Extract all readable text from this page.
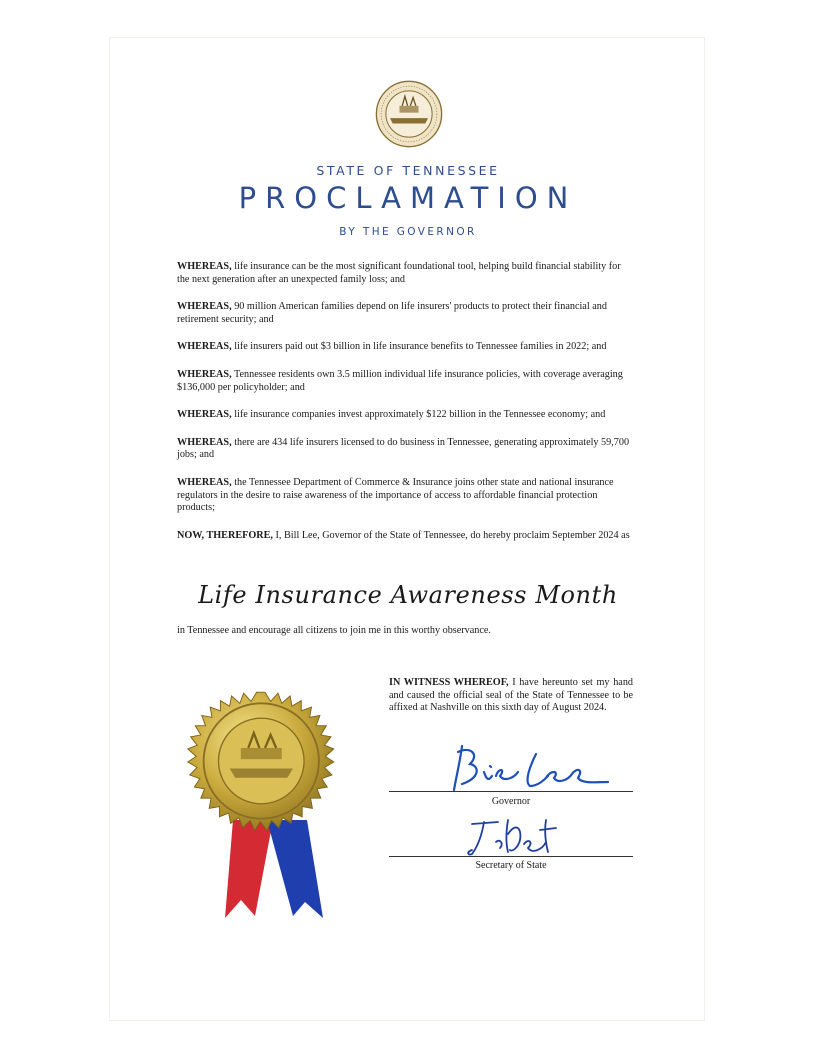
STATE OF TENNESSEE
PROCLAMATION
BY THE GOVERNOR

WHEREAS, life insurance can be the most significant foundational tool, helping build financial stability for the next generation after an unexpected family loss; and

WHEREAS, 90 million American families depend on life insurers' products to protect their financial and retirement security; and

WHEREAS, life insurers paid out $3 billion in life insurance benefits to Tennessee families in 2022; and

WHEREAS, Tennessee residents own 3.5 million individual life insurance policies, with coverage averaging $136,000 per policyholder; and

WHEREAS, life insurance companies invest approximately $122 billion in the Tennessee economy; and

WHEREAS, there are 434 life insurers licensed to do business in Tennessee, generating approximately 59,700 jobs; and

WHEREAS, the Tennessee Department of Commerce & Insurance joins other state and national insurance regulators in the desire to raise awareness of the importance of access to affordable financial protection products;

NOW, THEREFORE, I, Bill Lee, Governor of the State of Tennessee, do hereby proclaim September 2024 as

Life Insurance Awareness Month
in Tennessee and encourage all citizens to join me in this worthy observance.
IN WITNESS WHEREOF, I have hereunto set my hand and caused the official seal of the State of Tennessee to be affixed at Nashville on this sixth day of August 2024.
Governor
Secretary of State
